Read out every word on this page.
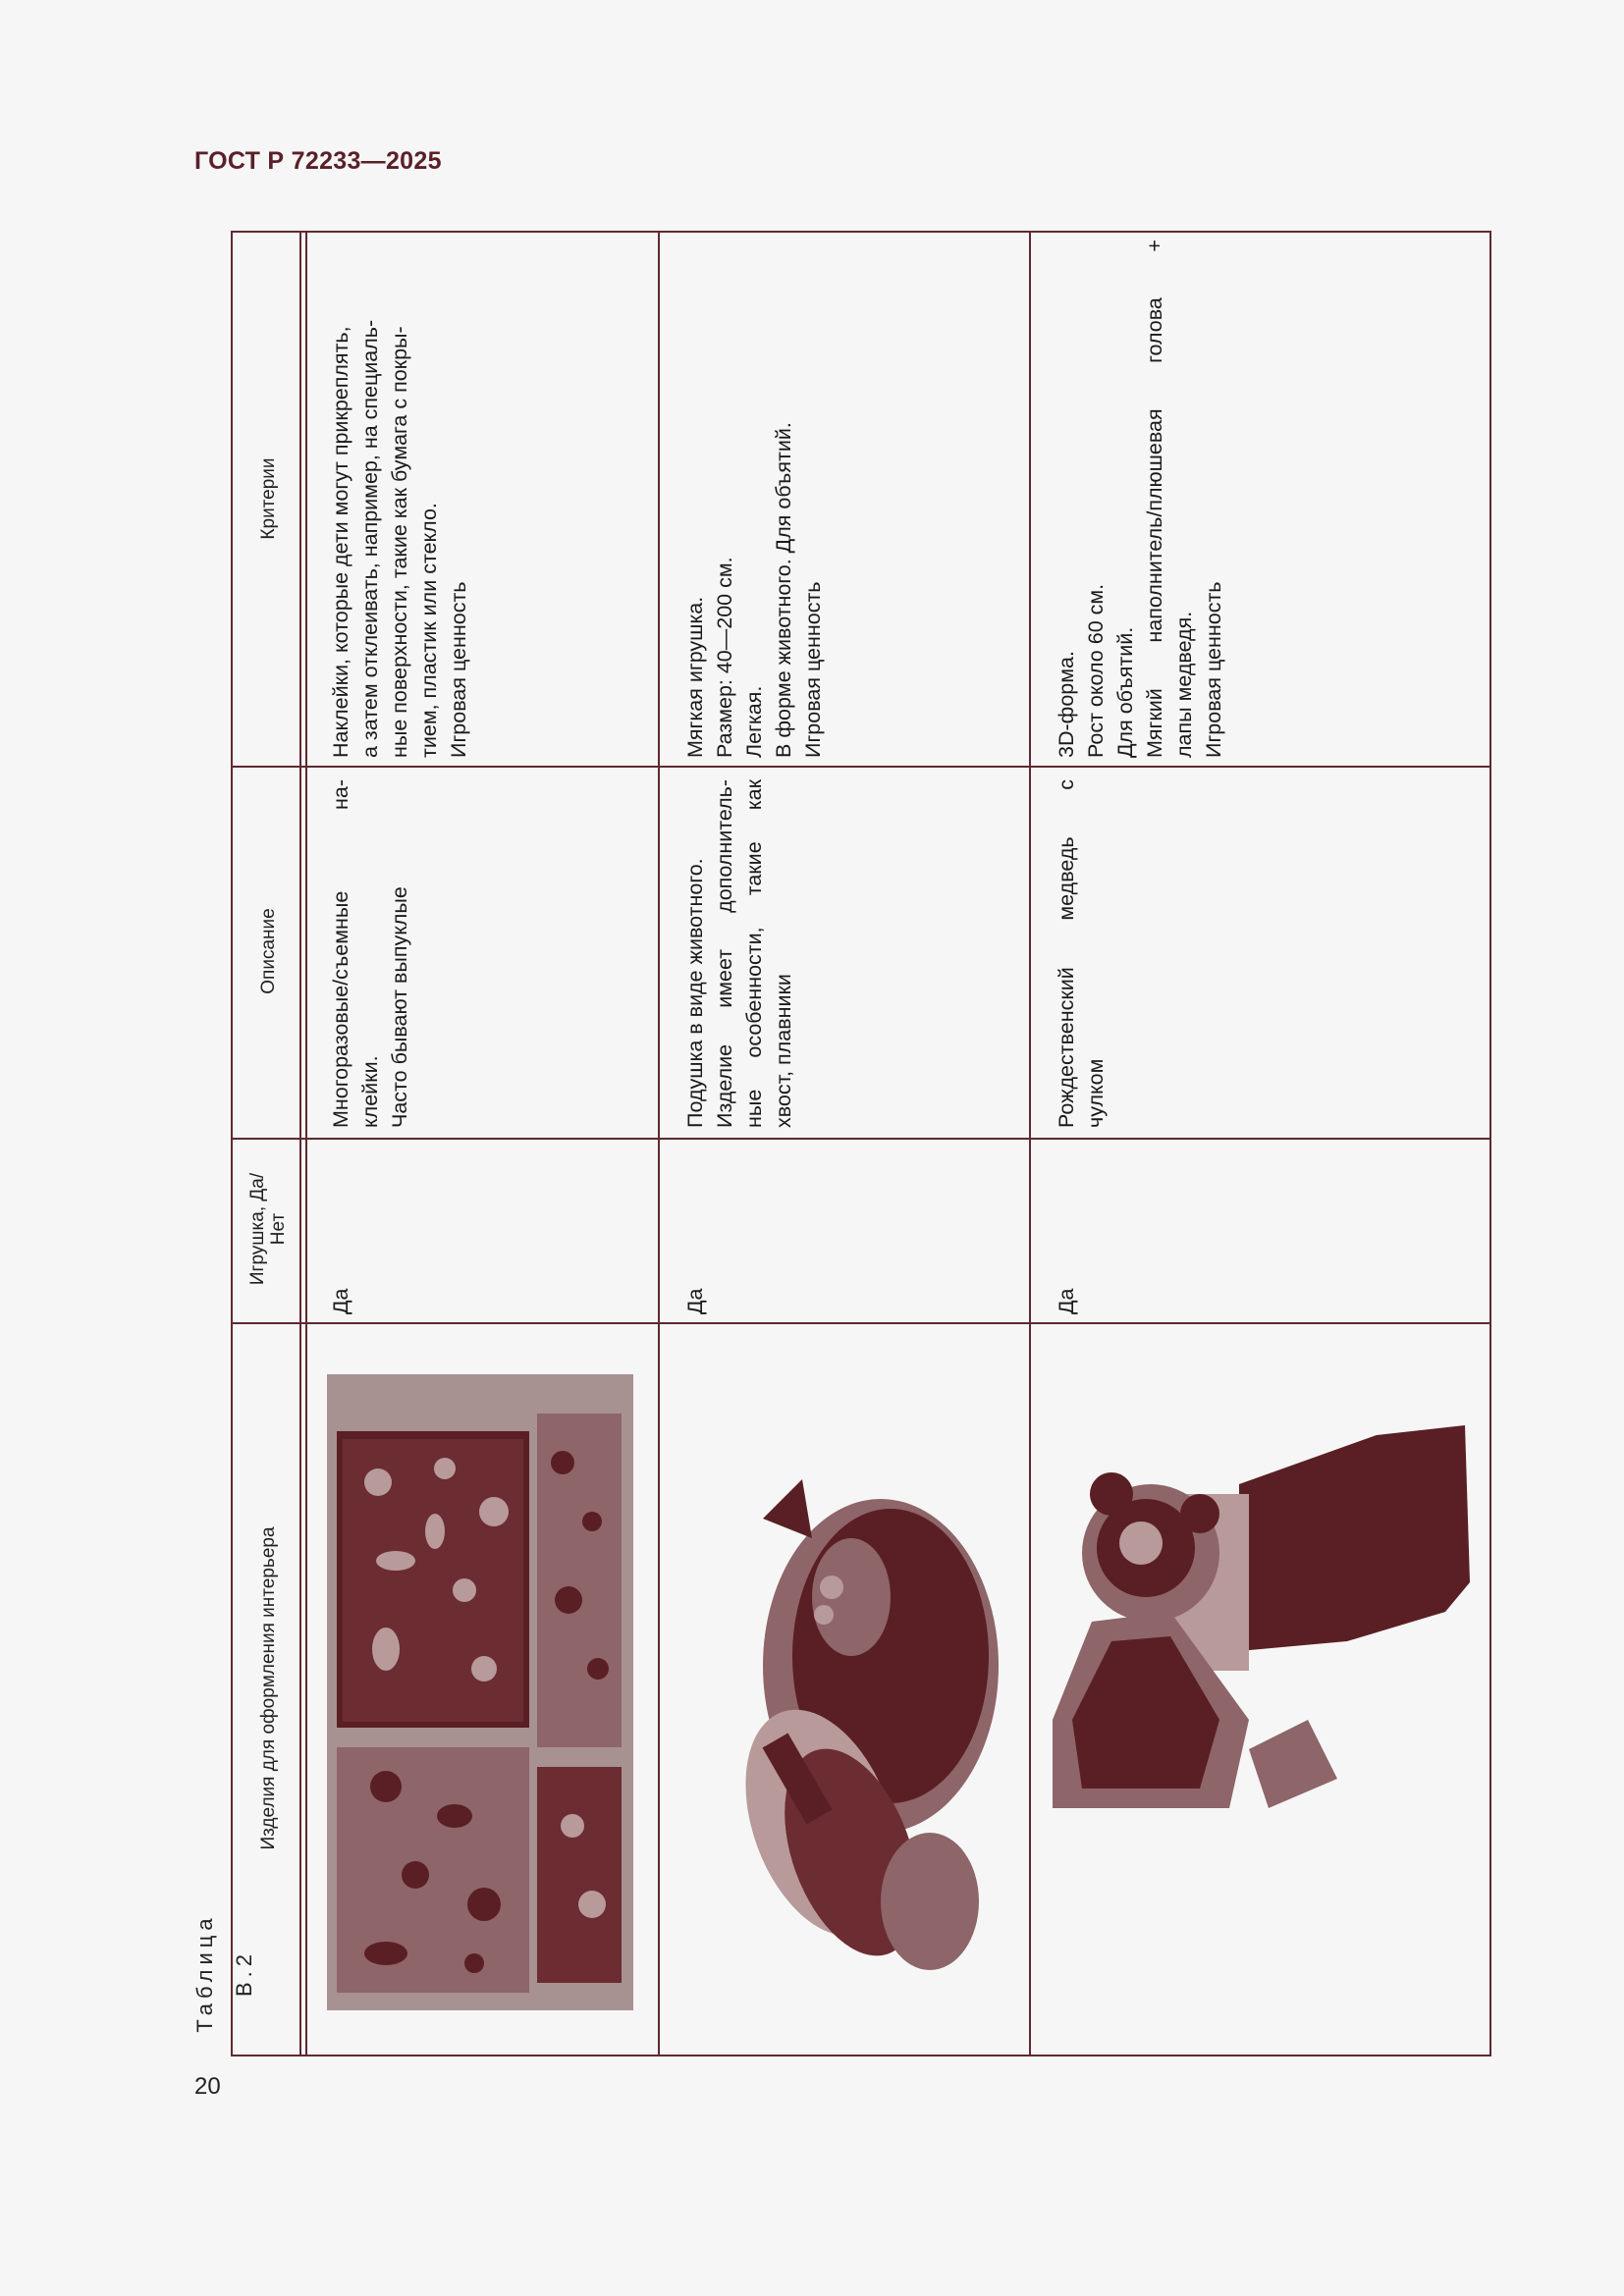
ГОСТ Р 72233—2025
Таблица В.2
20
Критерии
Описание
Игрушка, Да/Нет
Изделия для оформления интерьера

Наклейки, которые дети могут прикреплять, а затем отклеивать, например, на специаль- ные поверхности, такие как бумага с покры- тием, пластик или стекло. Игровая ценность

Многоразовые/съемные на- клейки. Часто бывают выпуклые

Да

Мягкая игрушка. Размер: 40—200 см. Легкая. В форме животного. Для объятий. Игровая ценность

Подушка в виде животного. Изделие имеет дополнитель- ные особенности, такие как хвост, плавники

Да

3D-форма. Рост около 60 см. Для объятий. Мягкий наполнитель/плюшевая голова + лапы медведя. Игровая ценность

Рождественский медведь с чулком

Да
